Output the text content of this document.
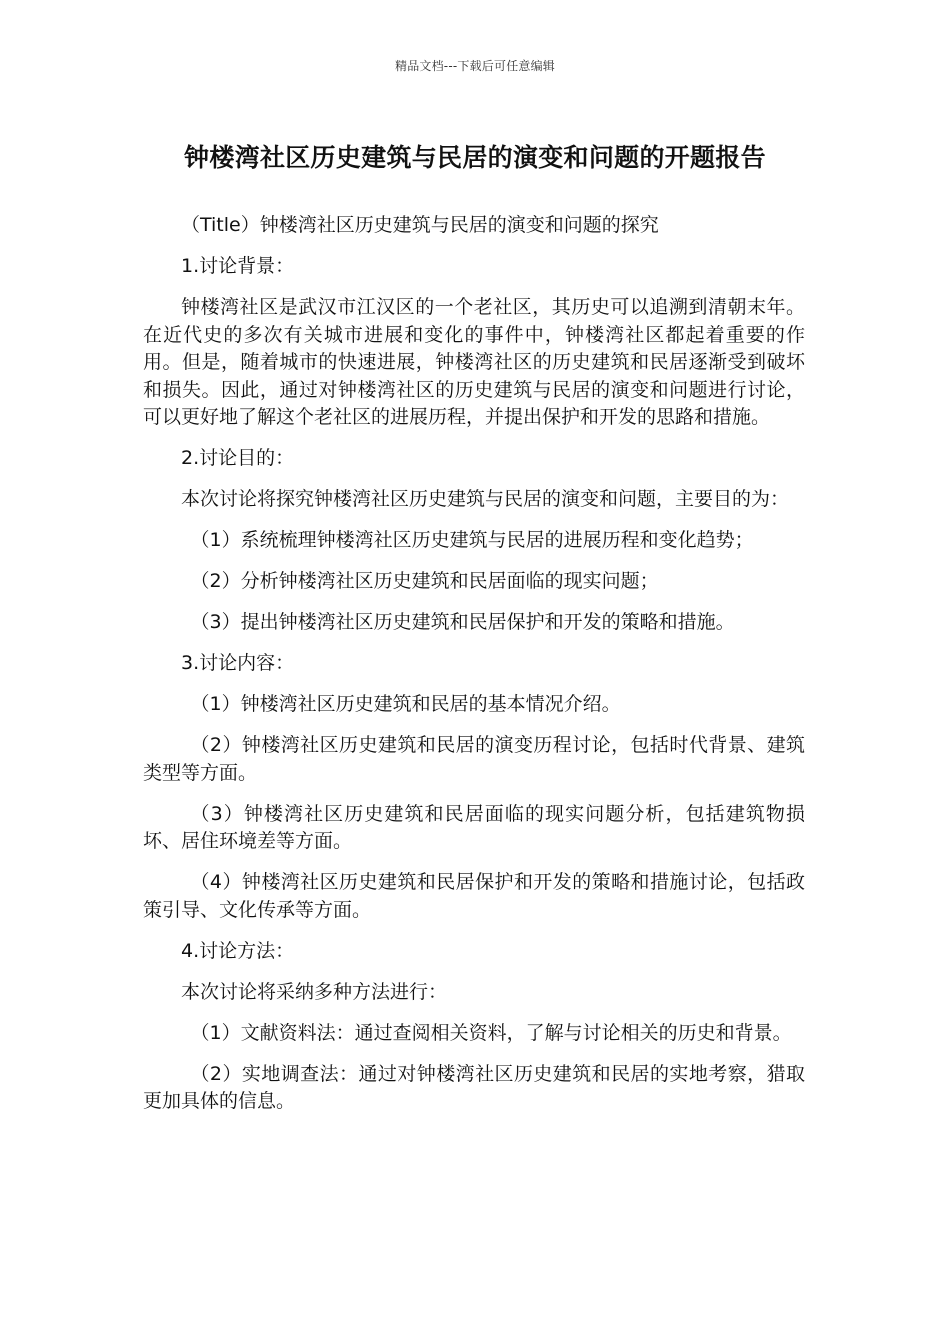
精品文档---下载后可任意编辑
钟楼湾社区历史建筑与民居的演变和问题的开题报告

（Title）钟楼湾社区历史建筑与民居的演变和问题的探究

1.讨论背景：

钟楼湾社区是武汉市江汉区的一个老社区，其历史可以追溯到清朝末年。在近代史的多次有关城市进展和变化的事件中，钟楼湾社区都起着重要的作用。但是，随着城市的快速进展，钟楼湾社区的历史建筑和民居逐渐受到破坏和损失。因此，通过对钟楼湾社区的历史建筑与民居的演变和问题进行讨论，可以更好地了解这个老社区的进展历程，并提出保护和开发的思路和措施。

2.讨论目的：

本次讨论将探究钟楼湾社区历史建筑与民居的演变和问题，主要目的为：

（1）系统梳理钟楼湾社区历史建筑与民居的进展历程和变化趋势；

（2）分析钟楼湾社区历史建筑和民居面临的现实问题；

（3）提出钟楼湾社区历史建筑和民居保护和开发的策略和措施。

3.讨论内容：

（1）钟楼湾社区历史建筑和民居的基本情况介绍。

（2）钟楼湾社区历史建筑和民居的演变历程讨论，包括时代背景、建筑类型等方面。

（3）钟楼湾社区历史建筑和民居面临的现实问题分析，包括建筑物损坏、居住环境差等方面。

（4）钟楼湾社区历史建筑和民居保护和开发的策略和措施讨论，包括政策引导、文化传承等方面。

4.讨论方法：

本次讨论将采纳多种方法进行：

（1）文献资料法：通过查阅相关资料，了解与讨论相关的历史和背景。

（2）实地调查法：通过对钟楼湾社区历史建筑和民居的实地考察，猎取更加具体的信息。
